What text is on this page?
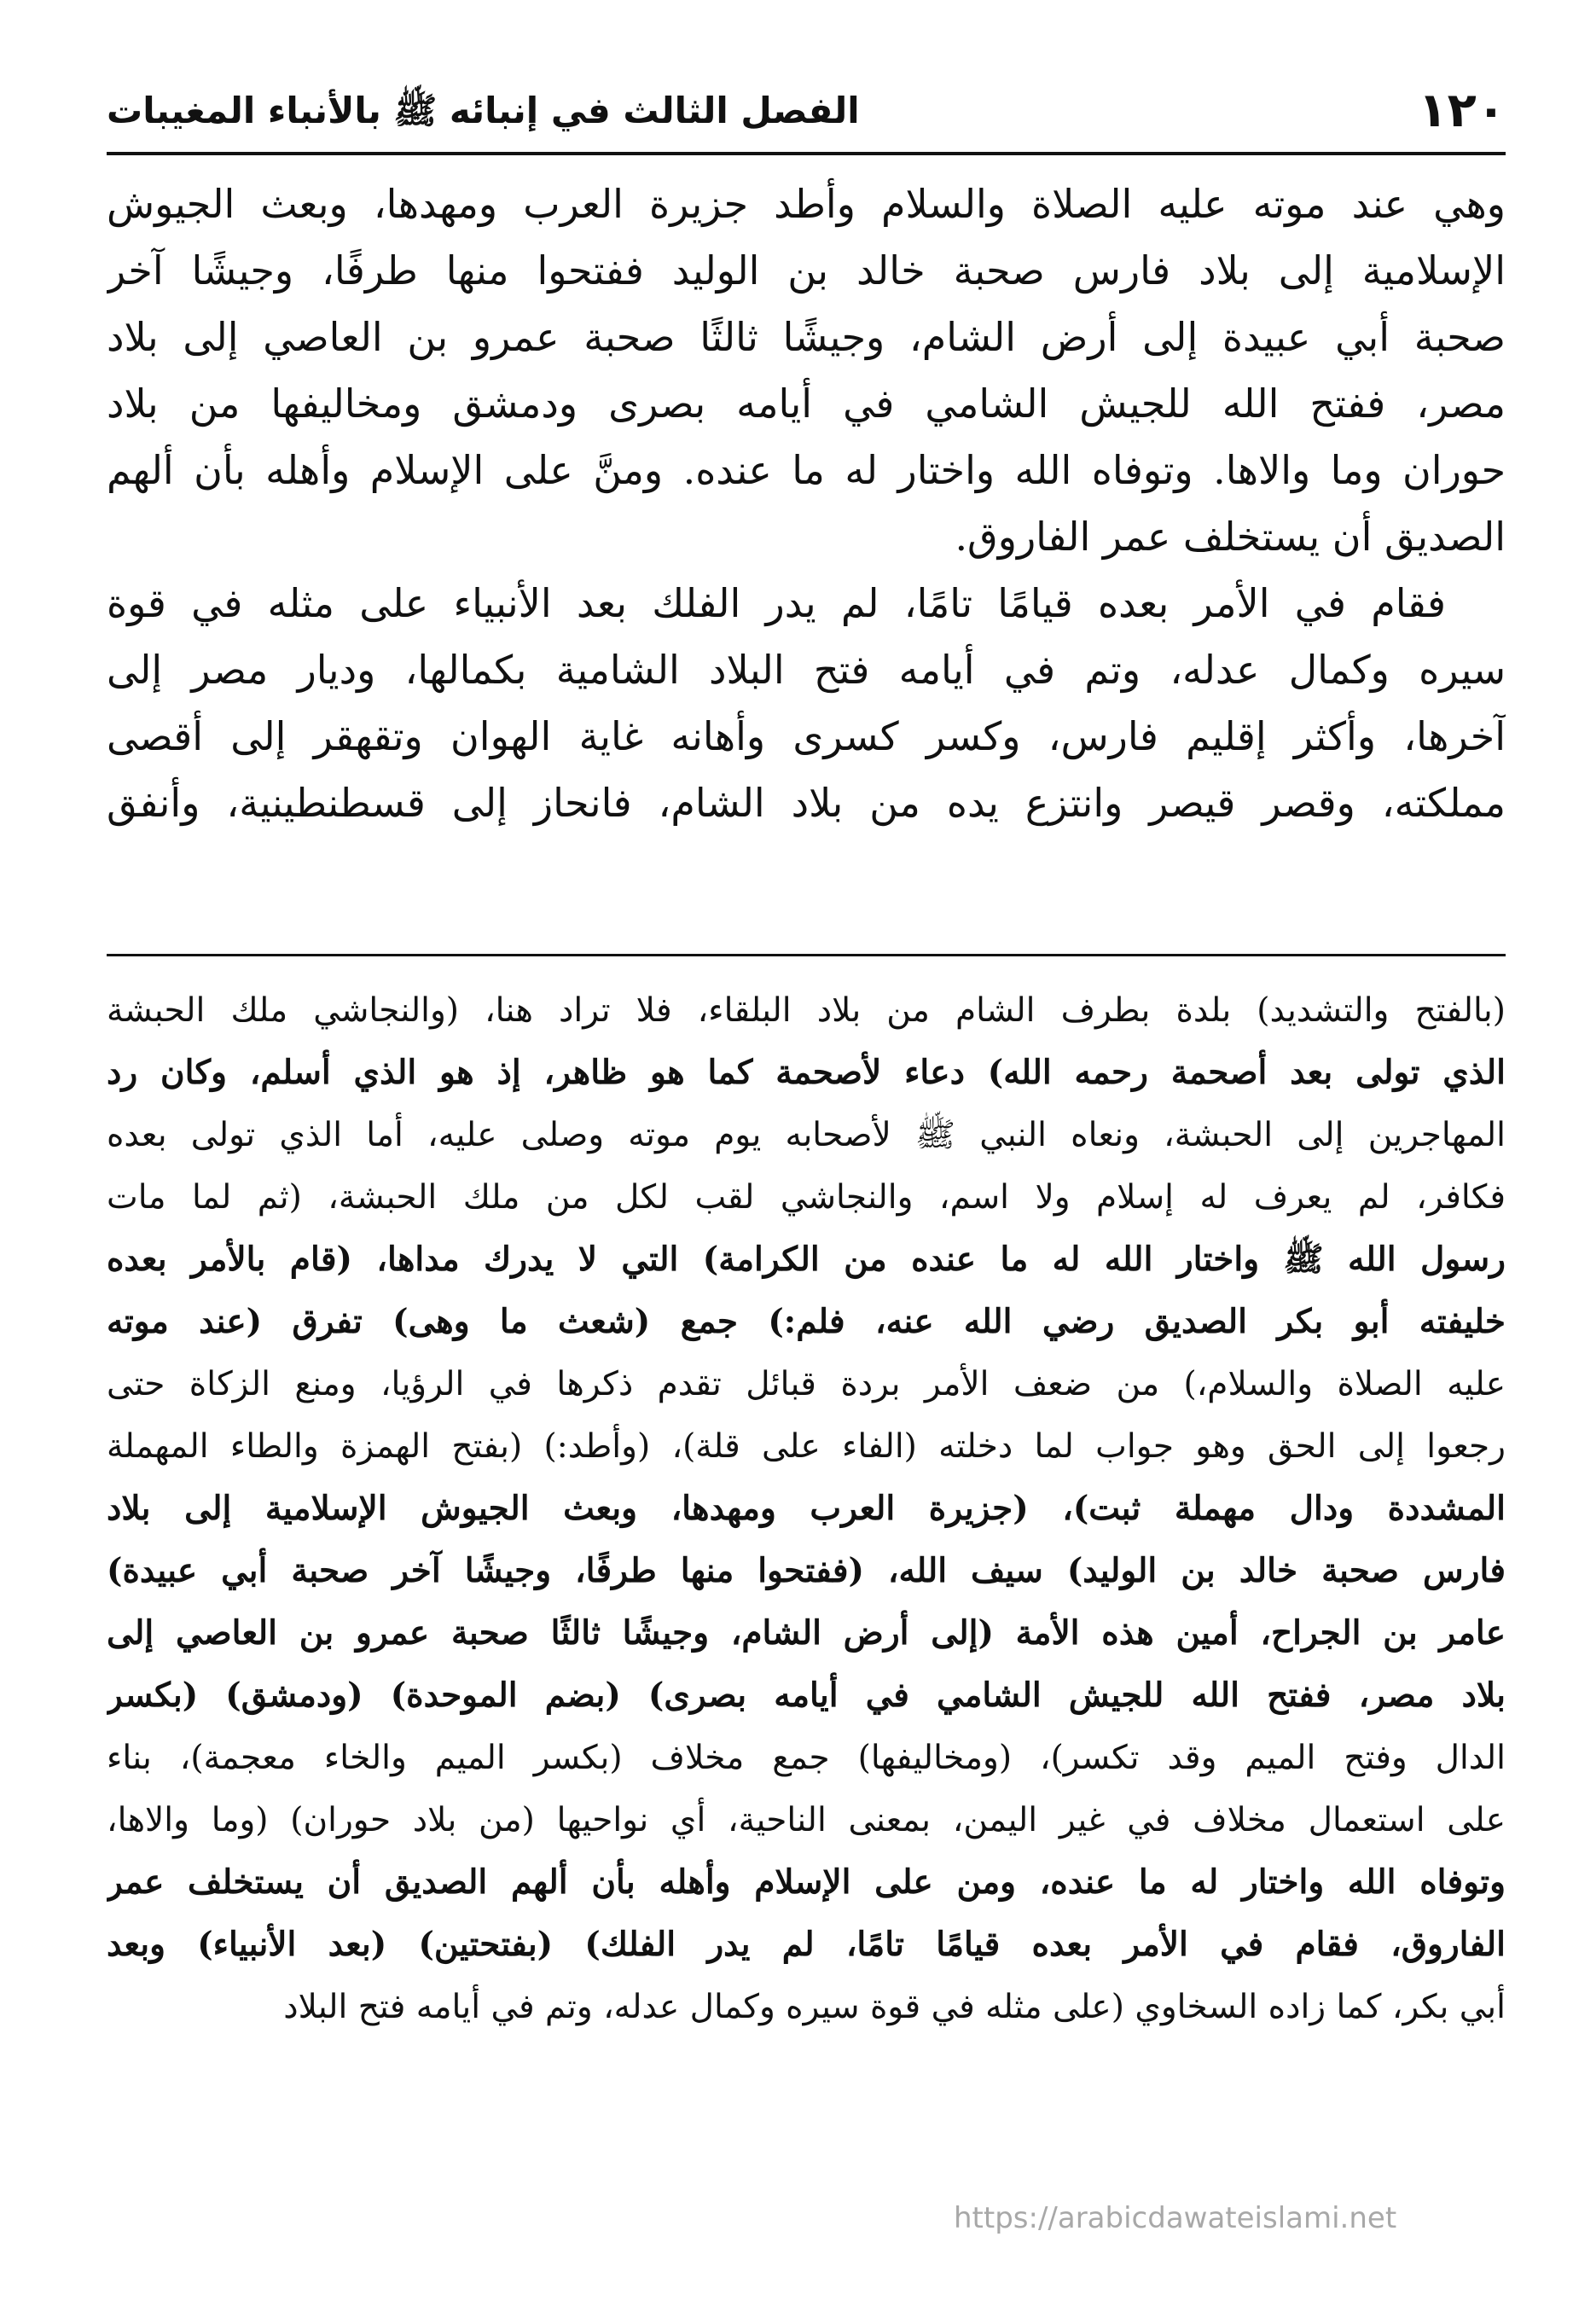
١٢٠
الفصل الثالث في إنبائه ﷺ بالأنباء المغيبات
وهي عند موته عليه الصلاة والسلام وأطد جزيرة العرب ومهدها، وبعث الجيوش
الإسلامية إلى بلاد فارس صحبة خالد بن الوليد ففتحوا منها طرفًا، وجيشًا آخر
صحبة أبي عبيدة إلى أرض الشام، وجيشًا ثالثًا صحبة عمرو بن العاصي إلى بلاد
مصر، ففتح الله للجيش الشامي في أيامه بصرى ودمشق ومخاليفها من بلاد
حوران وما والاها. وتوفاه الله واختار له ما عنده. ومنَّ على الإسلام وأهله بأن ألهم
الصديق أن يستخلف عمر الفاروق.
فقام في الأمر بعده قيامًا تامًا، لم يدر الفلك بعد الأنبياء على مثله في قوة
سيره وكمال عدله، وتم في أيامه فتح البلاد الشامية بكمالها، وديار مصر إلى
آخرها، وأكثر إقليم فارس، وكسر كسرى وأهانه غاية الهوان وتقهقر إلى أقصى
مملكته، وقصر قيصر وانتزع يده من بلاد الشام، فانحاز إلى قسطنطينية، وأنفق
(بالفتح والتشديد) بلدة بطرف الشام من بلاد البلقاء، فلا تراد هنا، (والنجاشي ملك الحبشة
الذي تولى بعد أصحمة رحمه الله) دعاء لأصحمة كما هو ظاهر، إذ هو الذي أسلم، وكان رد
المهاجرين إلى الحبشة، ونعاه النبي ﷺ لأصحابه يوم موته وصلى عليه، أما الذي تولى بعده
فكافر، لم يعرف له إسلام ولا اسم، والنجاشي لقب لكل من ملك الحبشة، (ثم لما مات
رسول الله ﷺ واختار الله له ما عنده من الكرامة) التي لا يدرك مداها، (قام بالأمر بعده
خليفته أبو بكر الصديق رضي الله عنه، فلم:) جمع (شعث ما وهى) تفرق (عند موته
عليه الصلاة والسلام،) من ضعف الأمر بردة قبائل تقدم ذكرها في الرؤيا، ومنع الزكاة حتى
رجعوا إلى الحق وهو جواب لما دخلته (الفاء على قلة)، (وأطد:) (بفتح الهمزة والطاء المهملة
المشددة ودال مهملة ثبت)، (جزيرة العرب ومهدها، وبعث الجيوش الإسلامية إلى بلاد
فارس صحبة خالد بن الوليد) سيف الله، (ففتحوا منها طرفًا، وجيشًا آخر صحبة أبي عبيدة)
عامر بن الجراح، أمين هذه الأمة (إلى أرض الشام، وجيشًا ثالثًا صحبة عمرو بن العاصي إلى
بلاد مصر، ففتح الله للجيش الشامي في أيامه بصرى) (بضم الموحدة) (ودمشق) (بكسر
الدال وفتح الميم وقد تكسر)، (ومخاليفها) جمع مخلاف (بكسر الميم والخاء معجمة)، بناء
على استعمال مخلاف في غير اليمن، بمعنى الناحية، أي نواحيها (من بلاد حوران) (وما والاها،
وتوفاه الله واختار له ما عنده، ومن على الإسلام وأهله بأن ألهم الصديق أن يستخلف عمر
الفاروق، فقام في الأمر بعده قيامًا تامًا، لم يدر الفلك) (بفتحتين) (بعد الأنبياء) وبعد
أبي بكر، كما زاده السخاوي (على مثله في قوة سيره وكمال عدله، وتم في أيامه فتح البلاد
https://arabicdawateislami.net
